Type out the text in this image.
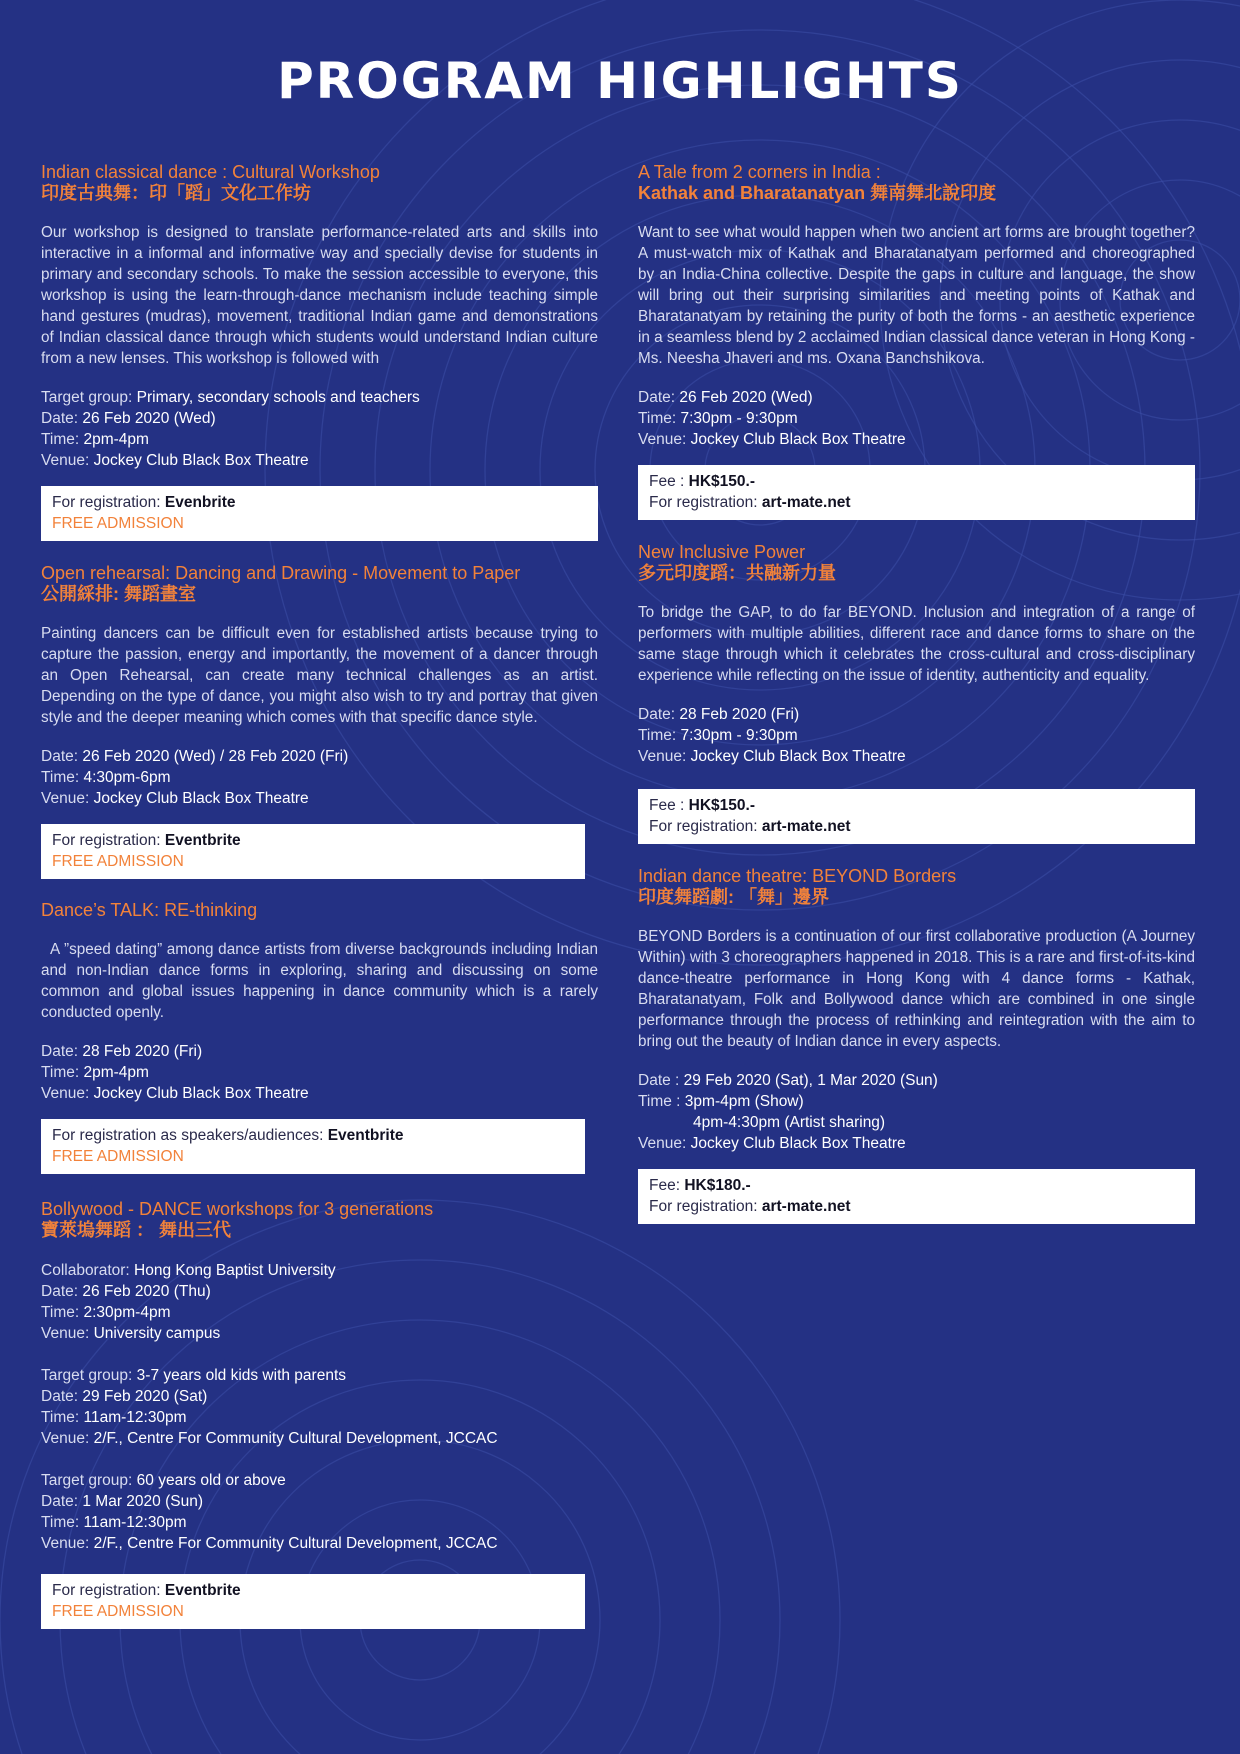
PROGRAM HIGHLIGHTS
Indian classical dance : Cultural Workshop
印度古典舞：印「蹈」文化工作坊

Our workshop is designed to translate performance-related arts and skills into interactive in a informal and informative way and specially devise for students in primary and secondary schools. To make the session accessible to everyone, this workshop is using the learn-through-dance mechanism include teaching simple hand gestures (mudras), movement, traditional Indian game and demonstrations of Indian classical dance through which students would understand Indian culture from a new lenses. This workshop is followed with

Target group: Primary, secondary schools and teachers
Date: 26 Feb 2020 (Wed)
Time: 2pm-4pm
Venue: Jockey Club Black Box Theatre
For registration: Evenbrite
FREE ADMISSION
Open rehearsal: Dancing and Drawing - Movement to Paper
公開綵排: 舞蹈畫室

Painting dancers can be difficult even for established artists because trying to capture the passion, energy and importantly, the movement of a dancer through an Open Rehearsal, can create many technical challenges as an artist. Depending on the type of dance, you might also wish to try and portray that given style and the deeper meaning which comes with that specific dance style.

Date: 26 Feb 2020 (Wed) / 28 Feb 2020 (Fri)
Time: 4:30pm-6pm
Venue: Jockey Club Black Box Theatre
For registration: Eventbrite
FREE ADMISSION
Dance’s TALK: RE-thinking

A ”speed dating” among dance artists from diverse backgrounds including Indian and non-Indian dance forms in exploring, sharing and discussing on some common and global issues happening in dance community which is a rarely conducted openly.

Date: 28 Feb 2020 (Fri)
Time: 2pm-4pm
Venue: Jockey Club Black Box Theatre
For registration as speakers/audiences: Eventbrite
FREE ADMISSION
Bollywood - DANCE workshops for 3 generations
寶萊塢舞蹈 ： 舞出三代
Collaborator: Hong Kong Baptist University
Date: 26 Feb 2020 (Thu)
Time: 2:30pm-4pm
Venue: University campus
Target group: 3-7 years old kids with parents
Date: 29 Feb 2020 (Sat)
Time: 11am-12:30pm
Venue: 2/F., Centre For Community Cultural Development, JCCAC
Target group: 60 years old or above
Date: 1 Mar 2020 (Sun)
Time: 11am-12:30pm
Venue: 2/F., Centre For Community Cultural Development, JCCAC
For registration: Eventbrite
FREE ADMISSION
A Tale from 2 corners in India :
Kathak and Bharatanatyan 舞南舞北說印度

Want to see what would happen when two ancient art forms are brought together? A must-watch mix of Kathak and Bharatanatyam performed and choreographed by an India-China collective. Despite the gaps in culture and language, the show will bring out their surprising similarities and meeting points of Kathak and Bharatanatyam by retaining the purity of both the forms - an aesthetic experience in a seamless blend by 2 acclaimed Indian classical dance veteran in Hong Kong - Ms. Neesha Jhaveri and ms. Oxana Banchshikova.

Date: 26 Feb 2020 (Wed)
Time: 7:30pm - 9:30pm
Venue: Jockey Club Black Box Theatre
Fee : HK$150.-
For registration: art-mate.net
New Inclusive Power
多元印度蹈：共融新力量

To bridge the GAP, to do far BEYOND. Inclusion and integration of a range of performers with multiple abilities, different race and dance forms to share on the same stage through which it celebrates the cross-cultural and cross-disciplinary experience while reflecting on the issue of identity, authenticity and equality.

Date: 28 Feb 2020 (Fri)
Time: 7:30pm - 9:30pm
Venue: Jockey Club Black Box Theatre
Fee : HK$150.-
For registration: art-mate.net
Indian dance theatre: BEYOND Borders
印度舞蹈劇: 「舞」邊界

BEYOND Borders is a continuation of our first collaborative production (A Journey Within) with 3 choreographers happened in 2018. This is a rare and first-of-its-kind dance-theatre performance in Hong Kong with 4 dance forms - Kathak, Bharatanatyam, Folk and Bollywood dance which are combined in one single performance through the process of rethinking and reintegration with the aim to bring out the beauty of Indian dance in every aspects.

Date : 29 Feb 2020 (Sat), 1 Mar 2020 (Sun)
Time : 3pm-4pm (Show)
4pm-4:30pm (Artist sharing)
Venue: Jockey Club Black Box Theatre
Fee: HK$180.-
For registration: art-mate.net
